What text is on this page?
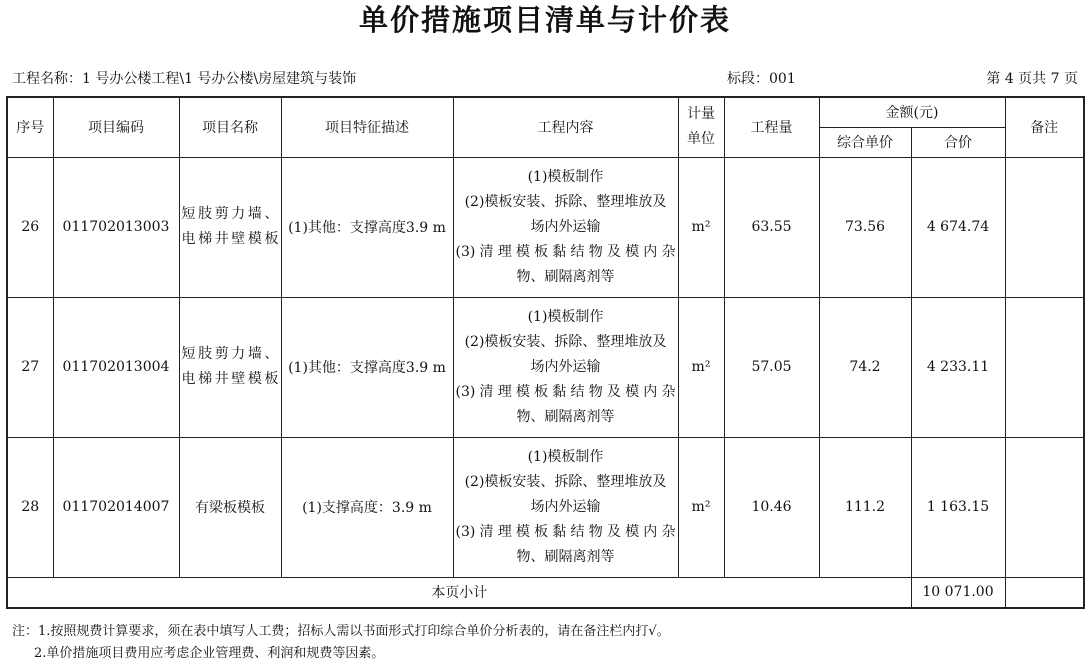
单价措施项目清单与计价表
工程名称：1 号办公楼工程\1 号办公楼\房屋建筑与装饰	标段：001	第 4 页共 7 页
序号	项目编码	项目名称	项目特征描述	工程内容	计量单位	工程量	金额(元)		备注
							综合单价	合价	
26	011702013003	短肢剪力墙、电梯井壁模板	(1)其他：支撑高度3.9 m	(1)模板制作
(2)模板安装、拆除、整理堆放及
场内外运输
(3)清理模板黏结物及模内杂
物、刷隔离剂等	m²	63.55	73.56	4 674.74	
27	011702013004	短肢剪力墙、电梯井壁模板	(1)其他：支撑高度3.9 m	(1)模板制作
(2)模板安装、拆除、整理堆放及
场内外运输
(3)清理模板黏结物及模内杂
物、刷隔离剂等	m²	57.05	74.2	4 233.11	
28	011702014007	有梁板模板	(1)支撑高度：3.9 m	(1)模板制作
(2)模板安装、拆除、整理堆放及
场内外运输
(3)清理模板黏结物及模内杂
物、刷隔离剂等	m²	10.46	111.2	1 163.15	
本页小计								10 071.00	
注：1.按照规费计算要求，须在表中填写人工费；招标人需以书面形式打印综合单价分析表的，请在备注栏内打√。
2.单价措施项目费用应考虑企业管理费、利润和规费等因素。
